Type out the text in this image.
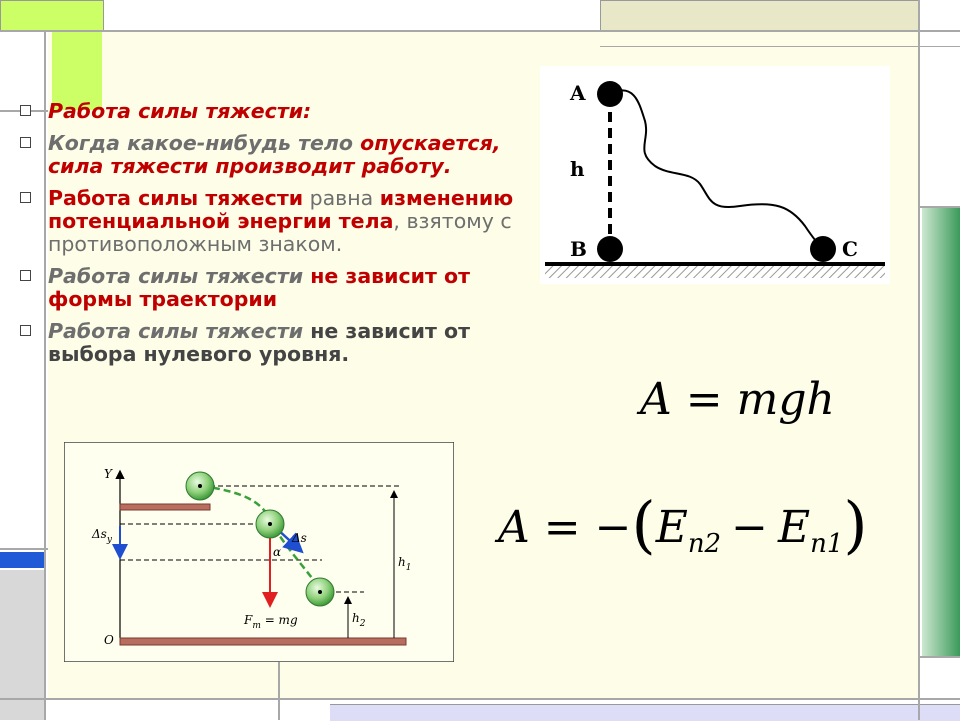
Работа силы тяжести:
Когда какое-нибудь тело опускается, сила тяжести производит работу.
Работа силы тяжести равна изменению потенциальной энергии тела, взятому с противоположным знаком.
Работа силы тяжести не зависит от формы траектории
Работа силы тяжести не зависит от выбора нулевого уровня.
A
h
B	C
A = mgh
$A = -(E_{п2} - E_{п1})$
Y
O
$h_1$
$h_2$
$\Delta s_y$	Δs
α
$F_т$ = mg
